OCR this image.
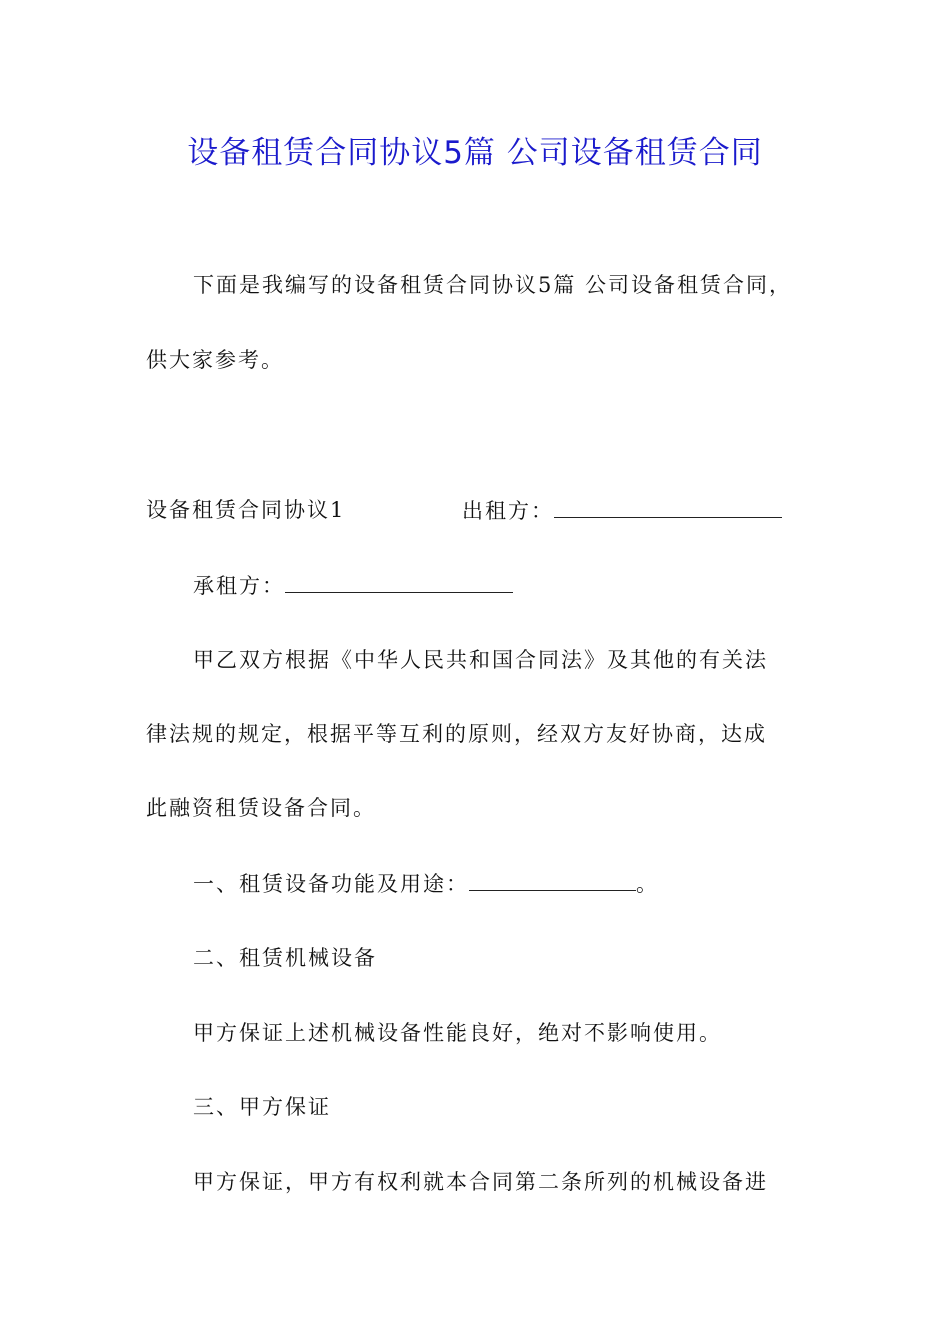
设备租赁合同协议5篇 公司设备租赁合同
下面是我编写的设备租赁合同协议5篇 公司设备租赁合同，
供大家参考。
设备租赁合同协议1	出租方：
承租方：
甲乙双方根据《中华人民共和国合同法》及其他的有关法
律法规的规定，根据平等互利的原则，经双方友好协商，达成
此融资租赁设备合同。
一、租赁设备功能及用途：	。
二、租赁机械设备
甲方保证上述机械设备性能良好，绝对不影响使用。
三、甲方保证
甲方保证，甲方有权利就本合同第二条所列的机械设备进
